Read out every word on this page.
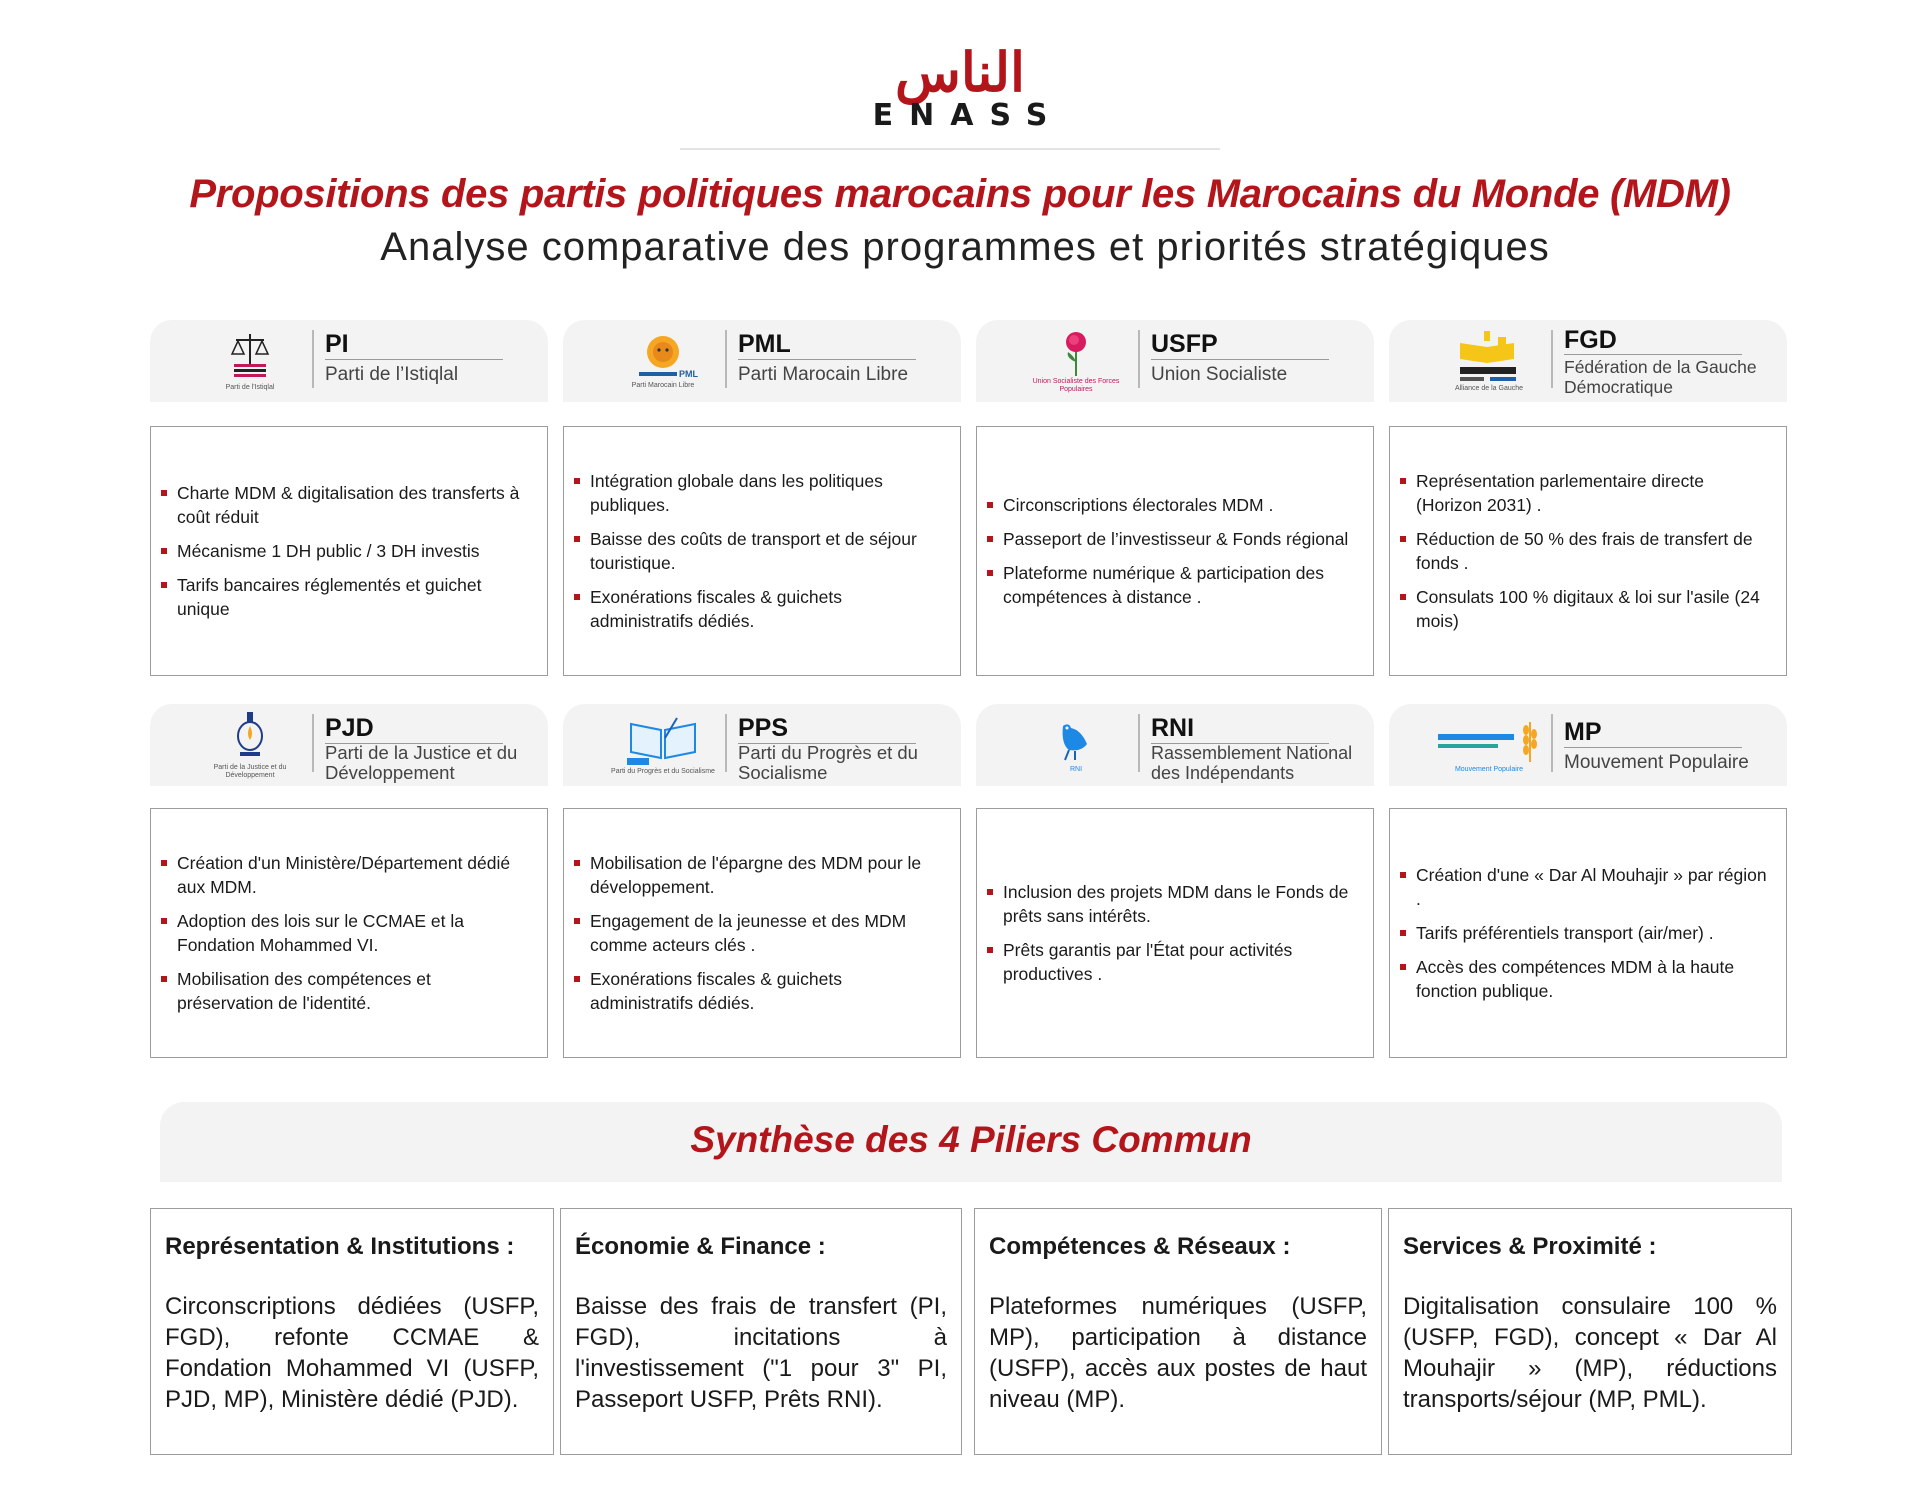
الناس
ENASS
Propositions des partis politiques marocains pour les Marocains du Monde (MDM)
Analyse comparative des programmes et priorités stratégiques
Parti de l'Istiqlal
PI
Parti de l’Istiqlal
Charte MDM & digitalisation des transferts à coût réduit
Mécanisme 1 DH public / 3 DH investis
Tarifs bancaires réglementés et guichet unique
PML
Parti Marocain Libre
PML
Parti Marocain Libre
Intégration globale dans les politiques publiques.
Baisse des coûts de transport et de séjour touristique.
Exonérations fiscales & guichets administratifs dédiés.
Union Socialiste des Forces Populaires
USFP
Union Socialiste
Circonscriptions électorales MDM .
Passeport de l’investisseur & Fonds régional
Plateforme numérique & participation des compétences à distance .
Alliance de la Gauche
FGD
Fédération de la Gauche Démocratique
Représentation parlementaire directe (Horizon 2031) .
Réduction de 50 % des frais de transfert de fonds .
Consulats 100 % digitaux & loi sur l'asile (24 mois)
Parti de la Justice et du Développement
PJD
Parti de la Justice et du Développement
Création d'un Ministère/Département dédié aux MDM.
Adoption des lois sur le CCMAE et la Fondation Mohammed VI.
Mobilisation des compétences et préservation de l'identité.
Parti du Progrès et du Socialisme
PPS
Parti du Progrès et du Socialisme
Mobilisation de l'épargne des MDM pour le développement.
Engagement de la jeunesse et des MDM comme acteurs clés .
Exonérations fiscales & guichets administratifs dédiés.
RNI
RNI
Rassemblement National des Indépendants
Inclusion des projets MDM dans le Fonds de prêts sans intérêts.
Prêts garantis par l'État pour activités productives .
Mouvement Populaire
MP
Mouvement Populaire
Création d'une « Dar Al Mouhajir » par région .
Tarifs préférentiels transport (air/mer) .
Accès des compétences MDM à la haute fonction publique.
Synthèse des 4 Piliers Commun
Représentation & Institutions :
Circonscriptions dédiées (USFP, FGD), refonte CCMAE & Fondation Mohammed VI (USFP, PJD, MP), Ministère dédié (PJD).
Économie & Finance :
Baisse des frais de transfert (PI, FGD), incitations à l'investissement ("1 pour 3" PI, Passeport USFP, Prêts RNI).
Compétences & Réseaux :
Plateformes numériques (USFP, MP), participation à distance (USFP), accès aux postes de haut niveau (MP).
Services & Proximité :
Digitalisation consulaire 100 % (USFP, FGD), concept « Dar Al Mouhajir » (MP), réductions transports/séjour (MP, PML).
